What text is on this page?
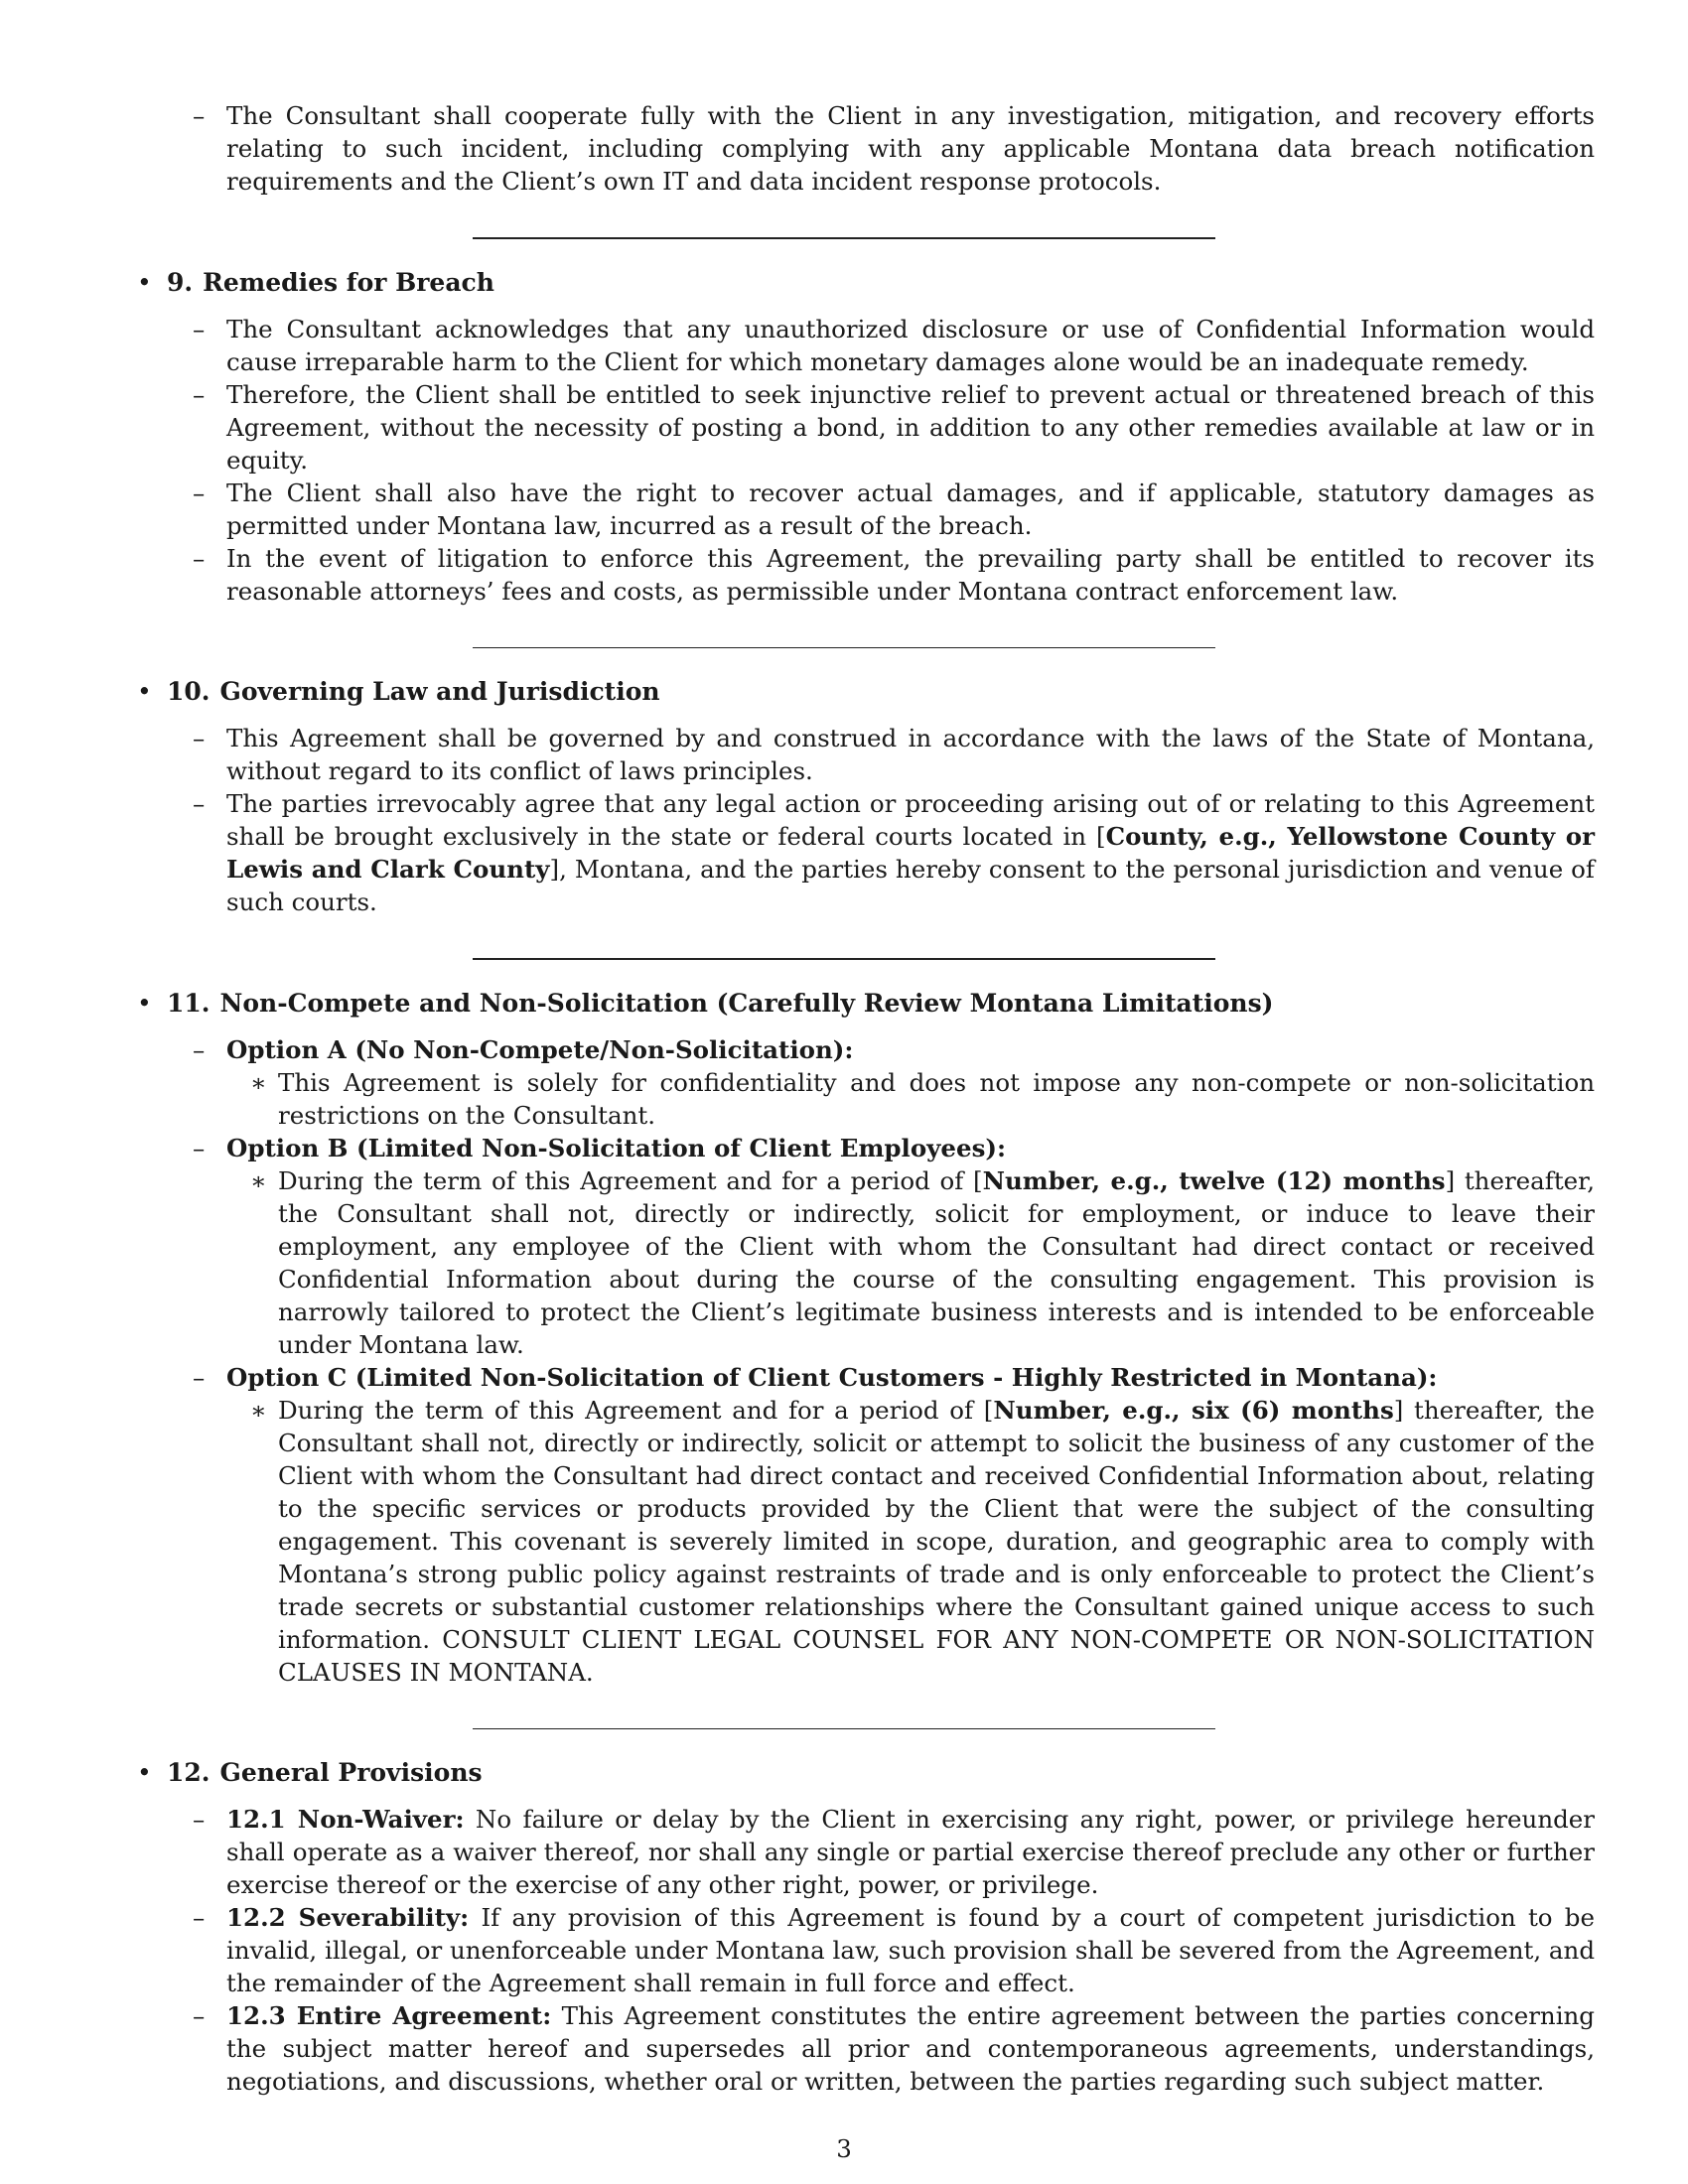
– The Consultant shall cooperate fully with the Client in any investigation, mitigation, and recovery efforts relating to such incident, including complying with any applicable Montana data breach notification requirements and the Client’s own IT and data incident response protocols.
• 9. Remedies for Breach
– The Consultant acknowledges that any unauthorized disclosure or use of Confidential Information would cause irreparable harm to the Client for which monetary damages alone would be an inadequate remedy.
– Therefore, the Client shall be entitled to seek injunctive relief to prevent actual or threatened breach of this Agreement, without the necessity of posting a bond, in addition to any other remedies available at law or in equity.
– The Client shall also have the right to recover actual damages, and if applicable, statutory damages as permitted under Montana law, incurred as a result of the breach.
– In the event of litigation to enforce this Agreement, the prevailing party shall be entitled to recover its reasonable attorneys’ fees and costs, as permissible under Montana contract enforcement law.
• 10. Governing Law and Jurisdiction
– This Agreement shall be governed by and construed in accordance with the laws of the State of Montana, without regard to its conflict of laws principles.
– The parties irrevocably agree that any legal action or proceeding arising out of or relating to this Agreement shall be brought exclusively in the state or federal courts located in [County, e.g., Yellowstone County or Lewis and Clark County], Montana, and the parties hereby consent to the personal jurisdiction and venue of such courts.
• 11. Non-Compete and Non-Solicitation (Carefully Review Montana Limitations)
– Option A (No Non-Compete/Non-Solicitation):
∗ This Agreement is solely for confidentiality and does not impose any non-compete or non-solicitation restrictions on the Consultant.
– Option B (Limited Non-Solicitation of Client Employees):
∗ During the term of this Agreement and for a period of [Number, e.g., twelve (12) months] thereafter, the Consultant shall not, directly or indirectly, solicit for employment, or induce to leave their employment, any employee of the Client with whom the Consultant had direct contact or received Confidential Information about during the course of the consulting engagement. This provision is narrowly tailored to protect the Client’s legitimate business interests and is intended to be enforceable under Montana law.
– Option C (Limited Non-Solicitation of Client Customers - Highly Restricted in Montana):
∗ During the term of this Agreement and for a period of [Number, e.g., six (6) months] thereafter, the Consultant shall not, directly or indirectly, solicit or attempt to solicit the business of any customer of the Client with whom the Consultant had direct contact and received Confidential Information about, relating to the specific services or products provided by the Client that were the subject of the consulting engagement. This covenant is severely limited in scope, duration, and geographic area to comply with Montana’s strong public policy against restraints of trade and is only enforceable to protect the Client’s trade secrets or substantial customer relationships where the Consultant gained unique access to such information. CONSULT CLIENT LEGAL COUNSEL FOR ANY NON-COMPETE OR NON-SOLICITATION CLAUSES IN MONTANA.
• 12. General Provisions
– 12.1 Non-Waiver: No failure or delay by the Client in exercising any right, power, or privilege hereunder shall operate as a waiver thereof, nor shall any single or partial exercise thereof preclude any other or further exercise thereof or the exercise of any other right, power, or privilege.
– 12.2 Severability: If any provision of this Agreement is found by a court of competent jurisdiction to be invalid, illegal, or unenforceable under Montana law, such provision shall be severed from the Agreement, and the remainder of the Agreement shall remain in full force and effect.
– 12.3 Entire Agreement: This Agreement constitutes the entire agreement between the parties concerning the subject matter hereof and supersedes all prior and contemporaneous agreements, understandings, negotiations, and discussions, whether oral or written, between the parties regarding such subject matter.
3
